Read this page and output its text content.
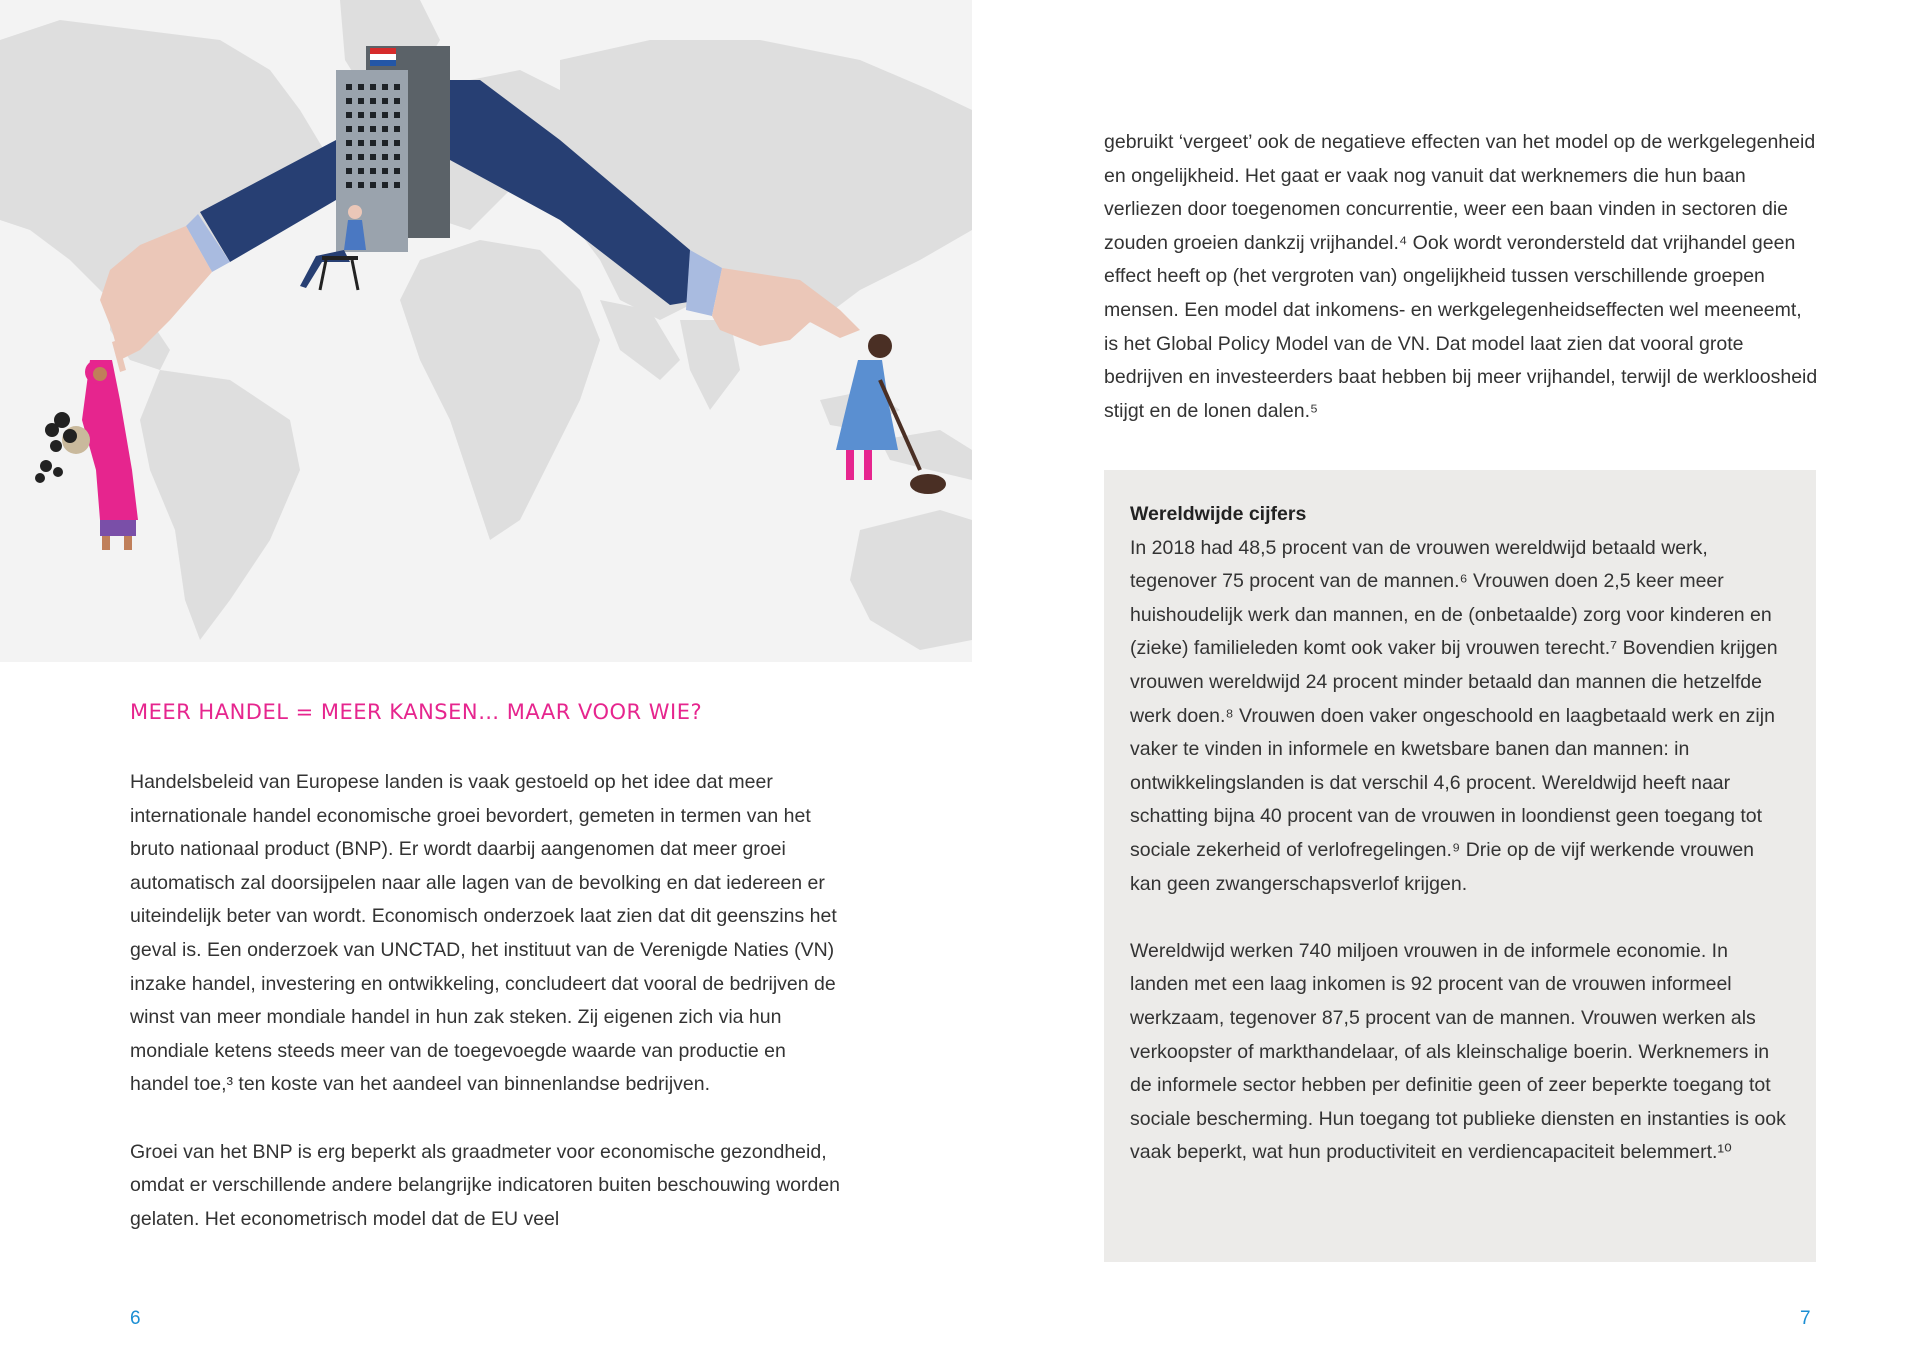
MEER HANDEL = MEER KANSEN… MAAR VOOR WIE?

Handelsbeleid van Europese landen is vaak gestoeld op het idee dat meer internationale handel economische groei bevordert, gemeten in termen van het bruto nationaal product (BNP). Er wordt daarbij aangenomen dat meer groei automatisch zal doorsijpelen naar alle lagen van de bevolking en dat iedereen er uiteindelijk beter van wordt. Economisch onderzoek laat zien dat dit geenszins het geval is. Een onderzoek van UNCTAD, het instituut van de Verenigde Naties (VN) inzake handel, investering en ontwikkeling, concludeert dat vooral de bedrijven de winst van meer mondiale handel in hun zak steken. Zij eigenen zich via hun mondiale ketens steeds meer van de toegevoegde waarde van productie en handel toe,³ ten koste van het aandeel van binnenlandse bedrijven.

Groei van het BNP is erg beperkt als graadmeter voor economische gezondheid, omdat er verschillende andere belangrijke indicatoren buiten beschouwing worden gelaten. Het econometrisch model dat de EU veel

gebruikt ‘vergeet’ ook de negatieve effecten van het model op de werkgelegenheid en ongelijkheid. Het gaat er vaak nog vanuit dat werknemers die hun baan verliezen door toegenomen concurrentie, weer een baan vinden in sectoren die zouden groeien dankzij vrijhandel.⁴ Ook wordt verondersteld dat vrijhandel geen effect heeft op (het vergroten van) ongelijkheid tussen verschillende groepen mensen. Een model dat inkomens- en werkgelegenheidseffecten wel meeneemt, is het Global Policy Model van de VN. Dat model laat zien dat vooral grote bedrijven en investeerders baat hebben bij meer vrijhandel, terwijl de werkloosheid stijgt en de lonen dalen.⁵

Wereldwijde cijfers

In 2018 had 48,5 procent van de vrouwen wereldwijd betaald werk, tegenover 75 procent van de mannen.⁶ Vrouwen doen 2,5 keer meer huishoudelijk werk dan mannen, en de (onbetaalde) zorg voor kinderen en (zieke) familieleden komt ook vaker bij vrouwen terecht.⁷ Bovendien krijgen vrouwen wereldwijd 24 procent minder betaald dan mannen die hetzelfde werk doen.⁸ Vrouwen doen vaker ongeschoold en laagbetaald werk en zijn vaker te vinden in informele en kwetsbare banen dan mannen: in ontwikkelingslanden is dat verschil 4,6 procent. Wereldwijd heeft naar schatting bijna 40 procent van de vrouwen in loondienst geen toegang tot sociale zekerheid of verlofregelingen.⁹ Drie op de vijf werkende vrouwen kan geen zwangerschapsverlof krijgen.

Wereldwijd werken 740 miljoen vrouwen in de informele economie. In landen met een laag inkomen is 92 procent van de vrouwen informeel werkzaam, tegenover 87,5 procent van de mannen. Vrouwen werken als verkoopster of markthandelaar, of als kleinschalige boerin. Werknemers in de informele sector hebben per definitie geen of zeer beperkte toegang tot sociale bescherming. Hun toegang tot publieke diensten en instanties is ook vaak beperkt, wat hun productiviteit en verdiencapaciteit belemmert.¹⁰

6	7
